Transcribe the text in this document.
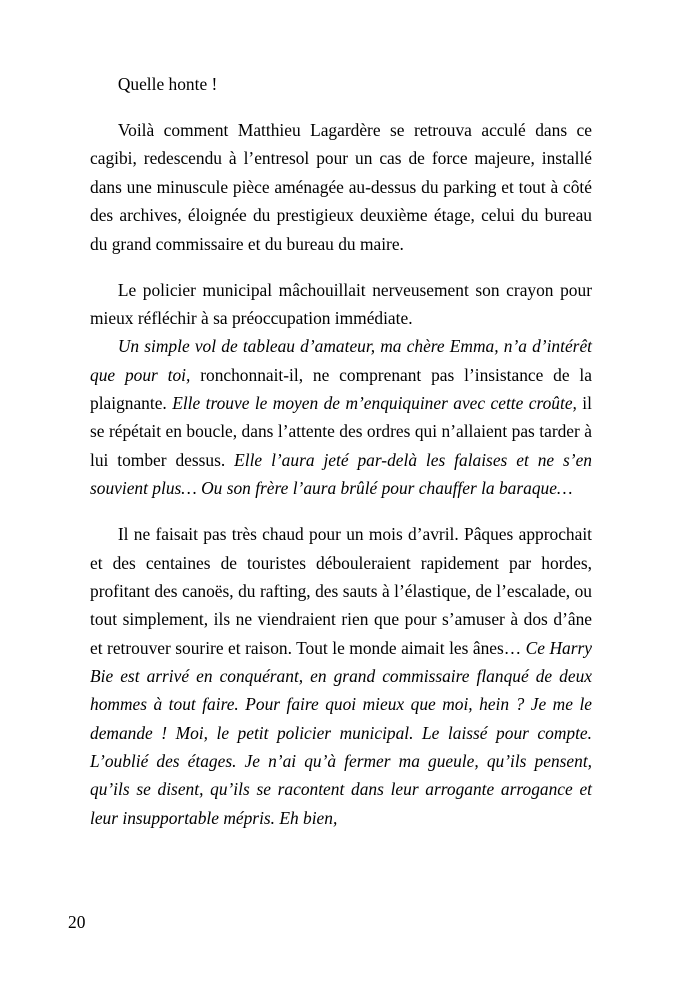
Quelle honte !

Voilà comment Matthieu Lagardère se retrouva acculé dans ce cagibi, redescendu à l’entresol pour un cas de force majeure, installé dans une minuscule pièce aménagée au-dessus du parking et tout à côté des archives, éloignée du prestigieux deuxième étage, celui du bureau du grand commissaire et du bureau du maire.

Le policier municipal mâchouillait nerveusement son crayon pour mieux réfléchir à sa préoccupation immédiate.

Un simple vol de tableau d’amateur, ma chère Emma, n’a d’intérêt que pour toi, ronchonnait-il, ne comprenant pas l’insistance de la plaignante. Elle trouve le moyen de m’enquiquiner avec cette croûte, il se répétait en boucle, dans l’attente des ordres qui n’allaient pas tarder à lui tomber dessus. Elle l’aura jeté par-delà les falaises et ne s’en souvient plus… Ou son frère l’aura brûlé pour chauffer la baraque…

Il ne faisait pas très chaud pour un mois d’avril. Pâques approchait et des centaines de touristes débouleraient rapidement par hordes, profitant des canoës, du rafting, des sauts à l’élastique, de l’escalade, ou tout simplement, ils ne viendraient rien que pour s’amuser à dos d’âne et retrouver sourire et raison. Tout le monde aimait les ânes… Ce Harry Bie est arrivé en conquérant, en grand commissaire flanqué de deux hommes à tout faire. Pour faire quoi mieux que moi, hein ? Je me le demande ! Moi, le petit policier municipal. Le laissé pour compte. L’oublié des étages. Je n’ai qu’à fermer ma gueule, qu’ils pensent, qu’ils se disent, qu’ils se racontent dans leur arrogante arrogance et leur insupportable mépris. Eh bien,

20
